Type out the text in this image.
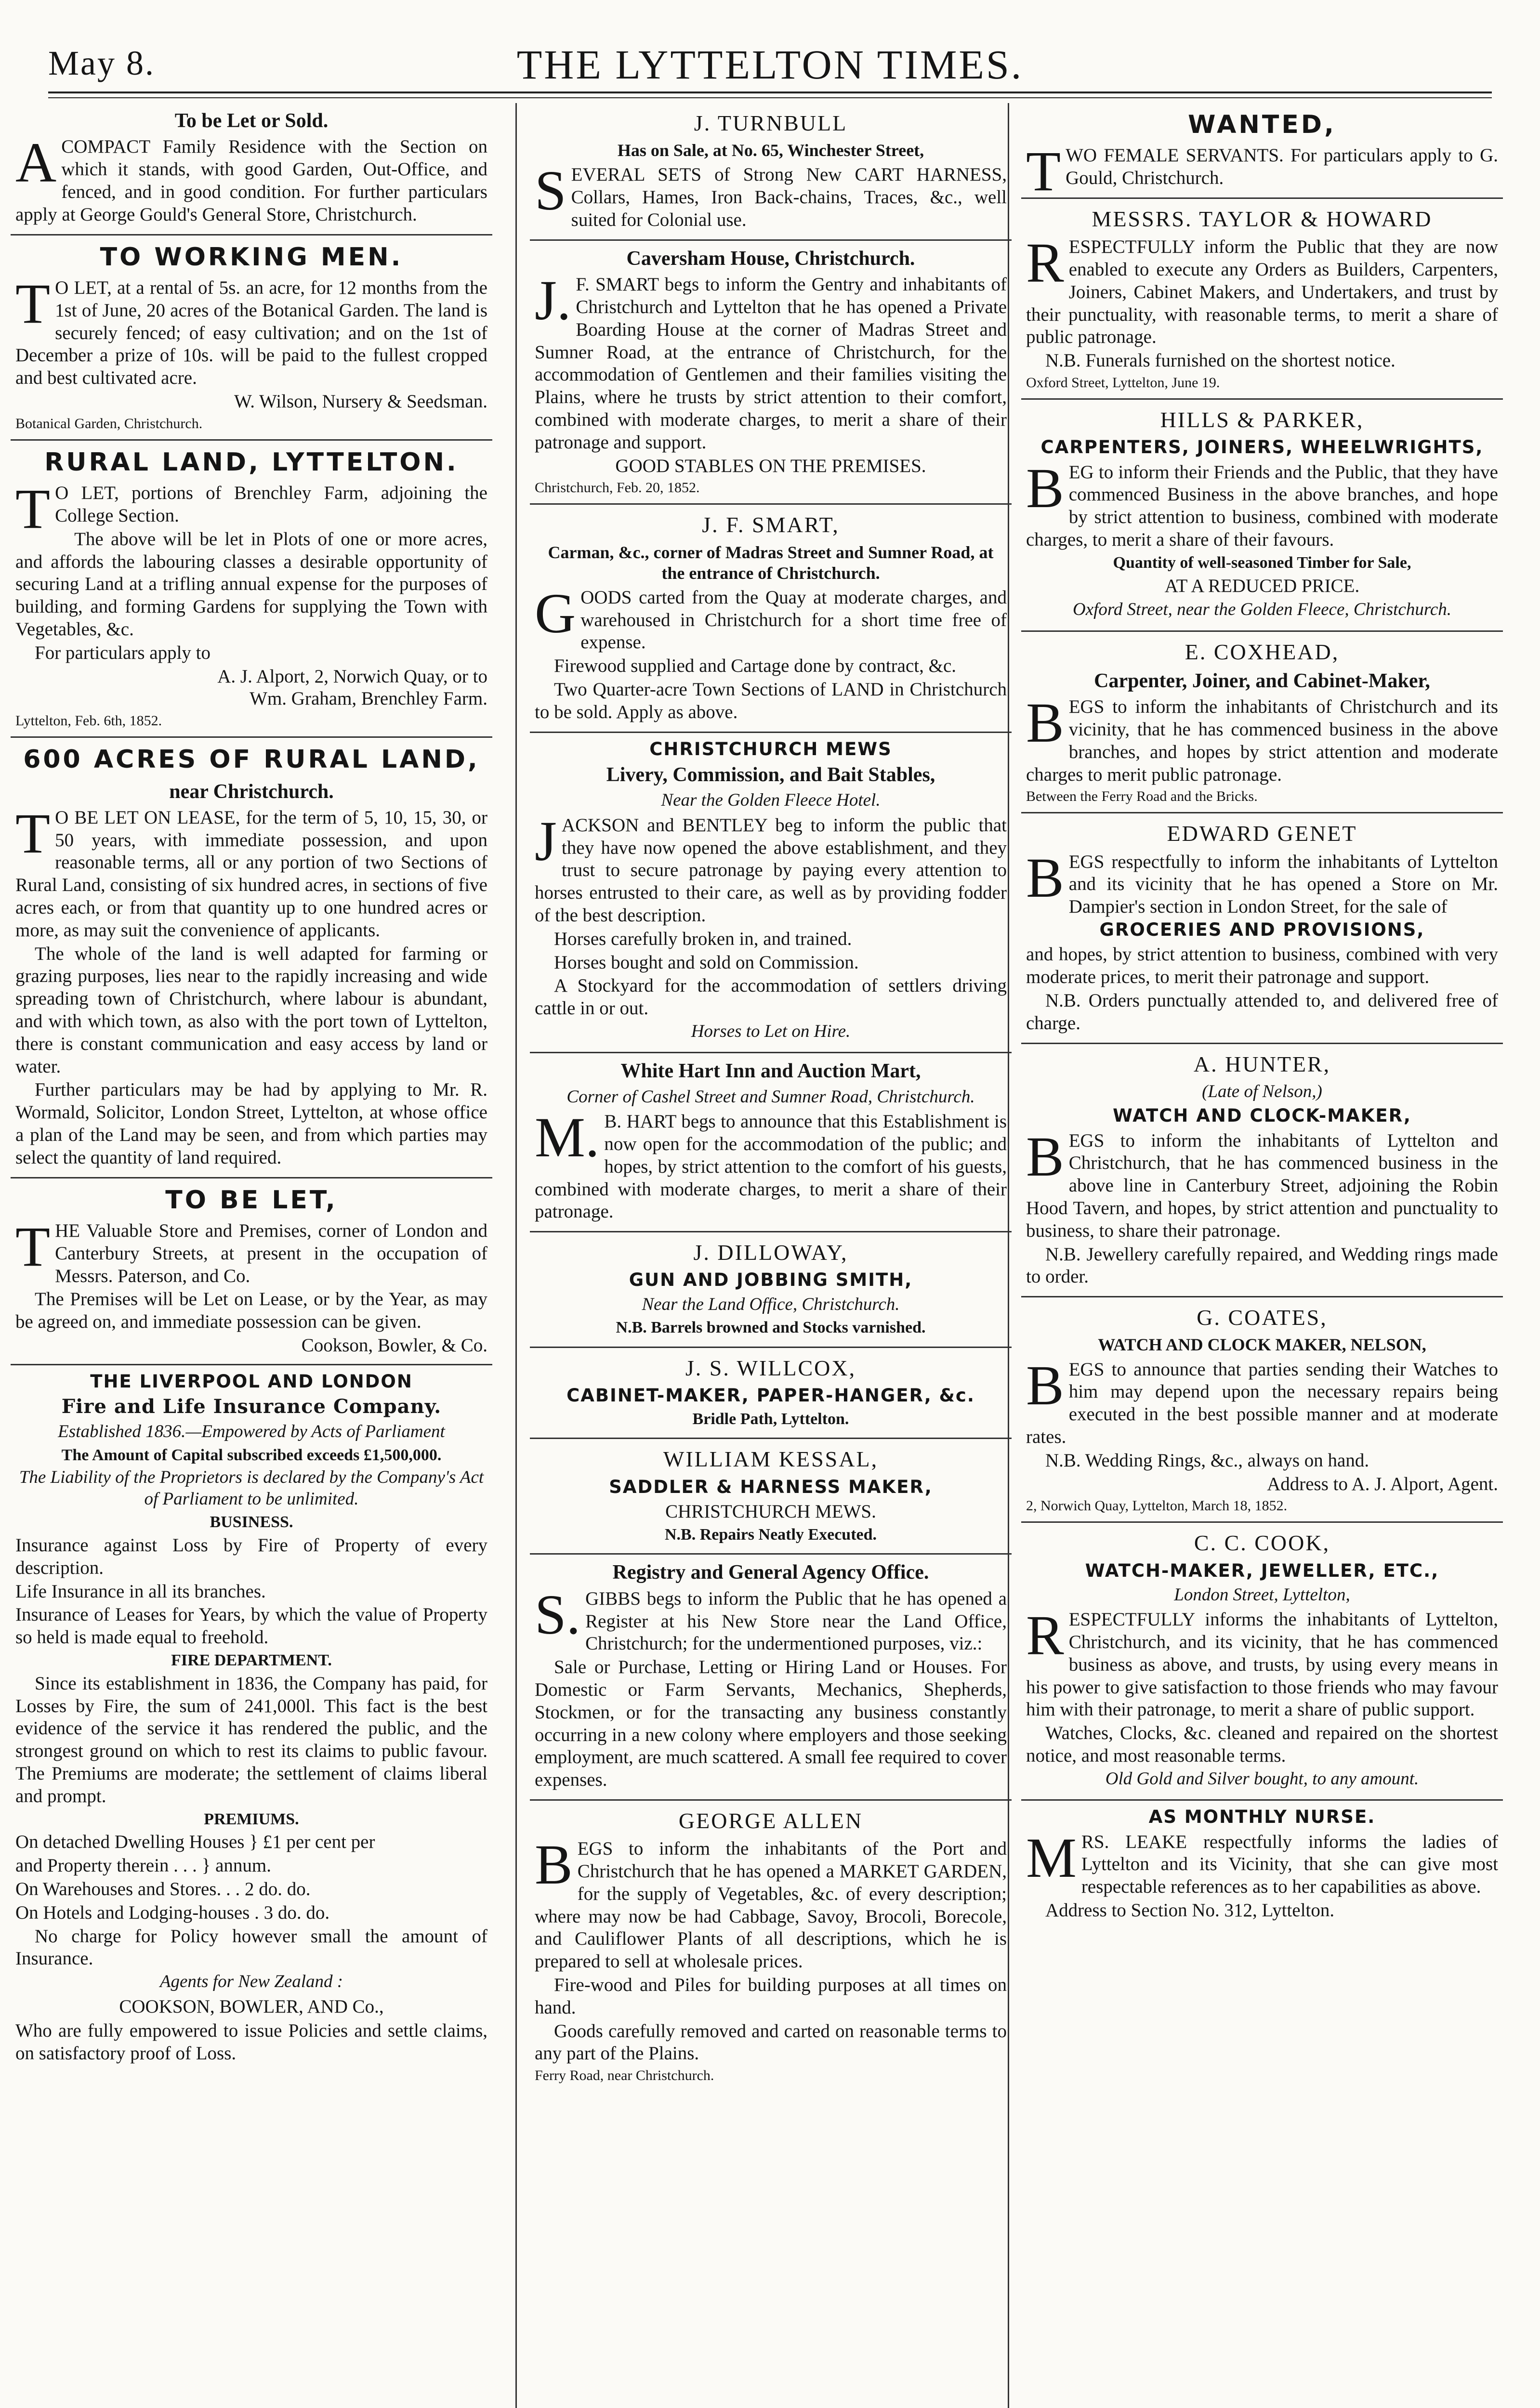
May 8.	THE LYTTELTON TIMES.
To be Let or Sold.

ACOMPACT Family Residence with the Section on which it stands, with good Garden, Out-Office, and fenced, and in good condition. For further particulars apply at George Gould's General Store, Christchurch.

TO WORKING MEN.

TO LET, at a rental of 5s. an acre, for 12 months from the 1st of June, 20 acres of the Botanical Garden. The land is securely fenced; of easy cultivation; and on the 1st of December a prize of 10s. will be paid to the fullest cropped and best cultivated acre.

W. Wilson, Nursery & Seedsman.

Botanical Garden, Christchurch.

RURAL LAND, LYTTELTON.

TO LET, portions of Brenchley Farm, adjoining the College Section.

The above will be let in Plots of one or more acres, and affords the labouring classes a desirable opportunity of securing Land at a trifling annual expense for the purposes of building, and forming Gardens for supplying the Town with Vegetables, &c.

For particulars apply to

A. J. Alport, 2, Norwich Quay, or to

Wm. Graham, Brenchley Farm.

Lyttelton, Feb. 6th, 1852.

600 ACRES OF RURAL LAND,
near Christchurch.

TO BE LET ON LEASE, for the term of 5, 10, 15, 30, or 50 years, with immediate possession, and upon reasonable terms, all or any portion of two Sections of Rural Land, consisting of six hundred acres, in sections of five acres each, or from that quantity up to one hundred acres or more, as may suit the convenience of applicants.

The whole of the land is well adapted for farming or grazing purposes, lies near to the rapidly increasing and wide spreading town of Christchurch, where labour is abundant, and with which town, as also with the port town of Lyttelton, there is constant communication and easy access by land or water.

Further particulars may be had by applying to Mr. R. Wormald, Solicitor, London Street, Lyttelton, at whose office a plan of the Land may be seen, and from which parties may select the quantity of land required.

TO BE LET,

THE Valuable Store and Premises, corner of London and Canterbury Streets, at present in the occupation of Messrs. Paterson, and Co.

The Premises will be Let on Lease, or by the Year, as may be agreed on, and immediate possession can be given.

Cookson, Bowler, & Co.

THE LIVERPOOL AND LONDON
Fire and Life Insurance Company.

Established 1836.—Empowered by Acts of Parliament

The Amount of Capital subscribed exceeds £1,500,000.

The Liability of the Proprietors is declared by the Company's Act of Parliament to be unlimited.

BUSINESS.

Insurance against Loss by Fire of Property of every description.

Life Insurance in all its branches.

Insurance of Leases for Years, by which the value of Property so held is made equal to freehold.

FIRE DEPARTMENT.

Since its establishment in 1836, the Company has paid, for Losses by Fire, the sum of 241,000l. This fact is the best evidence of the service it has rendered the public, and the strongest ground on which to rest its claims to public favour. The Premiums are moderate; the settlement of claims liberal and prompt.

PREMIUMS.

On detached Dwelling Houses } £1 per cent per

and Property therein . . . } annum.

On Warehouses and Stores. . . 2 do. do.

On Hotels and Lodging-houses . 3 do. do.

No charge for Policy however small the amount of Insurance.

Agents for New Zealand :

COOKSON, BOWLER, AND Co.,

Who are fully empowered to issue Policies and settle claims, on satisfactory proof of Loss.

J. TURNBULL
Has on Sale, at No. 65, Winchester Street,

SEVERAL SETS of Strong New CART HARNESS, Collars, Hames, Iron Back-chains, Traces, &c., well suited for Colonial use.

Caversham House, Christchurch.

J.F. SMART begs to inform the Gentry and inhabitants of Christchurch and Lyttelton that he has opened a Private Boarding House at the corner of Madras Street and Sumner Road, at the entrance of Christchurch, for the accommodation of Gentlemen and their families visiting the Plains, where he trusts by strict attention to their comfort, combined with moderate charges, to merit a share of their patronage and support.

GOOD STABLES ON THE PREMISES.

Christchurch, Feb. 20, 1852.

J. F. SMART,
Carman, &c., corner of Madras Street and Sumner Road, at the entrance of Christchurch.

GOODS carted from the Quay at moderate charges, and warehoused in Christchurch for a short time free of expense.

Firewood supplied and Cartage done by contract, &c.

Two Quarter-acre Town Sections of LAND in Christchurch to be sold. Apply as above.

CHRISTCHURCH MEWS
Livery, Commission, and Bait Stables,

Near the Golden Fleece Hotel.

JACKSON and BENTLEY beg to inform the public that they have now opened the above establishment, and they trust to secure patronage by paying every attention to horses entrusted to their care, as well as by providing fodder of the best description.

Horses carefully broken in, and trained.

Horses bought and sold on Commission.

A Stockyard for the accommodation of settlers driving cattle in or out.

Horses to Let on Hire.

White Hart Inn and Auction Mart,

Corner of Cashel Street and Sumner Road, Christchurch.

M.B. HART begs to announce that this Establishment is now open for the accommodation of the public; and hopes, by strict attention to the comfort of his guests, combined with moderate charges, to merit a share of their patronage.

J. DILLOWAY,
GUN AND JOBBING SMITH,

Near the Land Office, Christchurch.

N.B. Barrels browned and Stocks varnished.

J. S. WILLCOX,
CABINET-MAKER, PAPER-HANGER, &c.

Bridle Path, Lyttelton.

WILLIAM KESSAL,
SADDLER & HARNESS MAKER,

CHRISTCHURCH MEWS.

N.B. Repairs Neatly Executed.

Registry and General Agency Office.

S.GIBBS begs to inform the Public that he has opened a Register at his New Store near the Land Office, Christchurch; for the undermentioned purposes, viz.:

Sale or Purchase, Letting or Hiring Land or Houses. For Domestic or Farm Servants, Mechanics, Shepherds, Stockmen, or for the transacting any business constantly occurring in a new colony where employers and those seeking employment, are much scattered. A small fee required to cover expenses.

GEORGE ALLEN

BEGS to inform the inhabitants of the Port and Christchurch that he has opened a MARKET GARDEN, for the supply of Vegetables, &c. of every description; where may now be had Cabbage, Savoy, Brocoli, Borecole, and Cauliflower Plants of all descriptions, which he is prepared to sell at wholesale prices.

Fire-wood and Piles for building purposes at all times on hand.

Goods carefully removed and carted on reasonable terms to any part of the Plains.

Ferry Road, near Christchurch.

WANTED,

TWO FEMALE SERVANTS. For particulars apply to G. Gould, Christchurch.

MESSRS. TAYLOR & HOWARD

RESPECTFULLY inform the Public that they are now enabled to execute any Orders as Builders, Carpenters, Joiners, Cabinet Makers, and Undertakers, and trust by their punctuality, with reasonable terms, to merit a share of public patronage.

N.B. Funerals furnished on the shortest notice.

Oxford Street, Lyttelton, June 19.

HILLS & PARKER,
CARPENTERS, JOINERS, WHEELWRIGHTS,

BEG to inform their Friends and the Public, that they have commenced Business in the above branches, and hope by strict attention to business, combined with moderate charges, to merit a share of their favours.

Quantity of well-seasoned Timber for Sale,

AT A REDUCED PRICE.

Oxford Street, near the Golden Fleece, Christchurch.

E. COXHEAD,
Carpenter, Joiner, and Cabinet-Maker,

BEGS to inform the inhabitants of Christchurch and its vicinity, that he has commenced business in the above branches, and hopes by strict attention and moderate charges to merit public patronage.

Between the Ferry Road and the Bricks.

EDWARD GENET

BEGS respectfully to inform the inhabitants of Lyttelton and its vicinity that he has opened a Store on Mr. Dampier's section in London Street, for the sale of

GROCERIES AND PROVISIONS,

and hopes, by strict attention to business, combined with very moderate prices, to merit their patronage and support.

N.B. Orders punctually attended to, and delivered free of charge.

A. HUNTER,

(Late of Nelson,)

WATCH AND CLOCK-MAKER,

BEGS to inform the inhabitants of Lyttelton and Christchurch, that he has commenced business in the above line in Canterbury Street, adjoining the Robin Hood Tavern, and hopes, by strict attention and punctuality to business, to share their patronage.

N.B. Jewellery carefully repaired, and Wedding rings made to order.

G. COATES,
WATCH AND CLOCK MAKER, NELSON,

BEGS to announce that parties sending their Watches to him may depend upon the necessary repairs being executed in the best possible manner and at moderate rates.

N.B. Wedding Rings, &c., always on hand.

Address to A. J. Alport, Agent.

2, Norwich Quay, Lyttelton, March 18, 1852.

C. C. COOK,
WATCH-MAKER, JEWELLER, ETC.,

London Street, Lyttelton,

RESPECTFULLY informs the inhabitants of Lyttelton, Christchurch, and its vicinity, that he has commenced business as above, and trusts, by using every means in his power to give satisfaction to those friends who may favour him with their patronage, to merit a share of public support.

Watches, Clocks, &c. cleaned and repaired on the shortest notice, and most reasonable terms.

Old Gold and Silver bought, to any amount.

AS MONTHLY NURSE.

MRS. LEAKE respectfully informs the ladies of Lyttelton and its Vicinity, that she can give most respectable references as to her capabilities as above.

Address to Section No. 312, Lyttelton.
